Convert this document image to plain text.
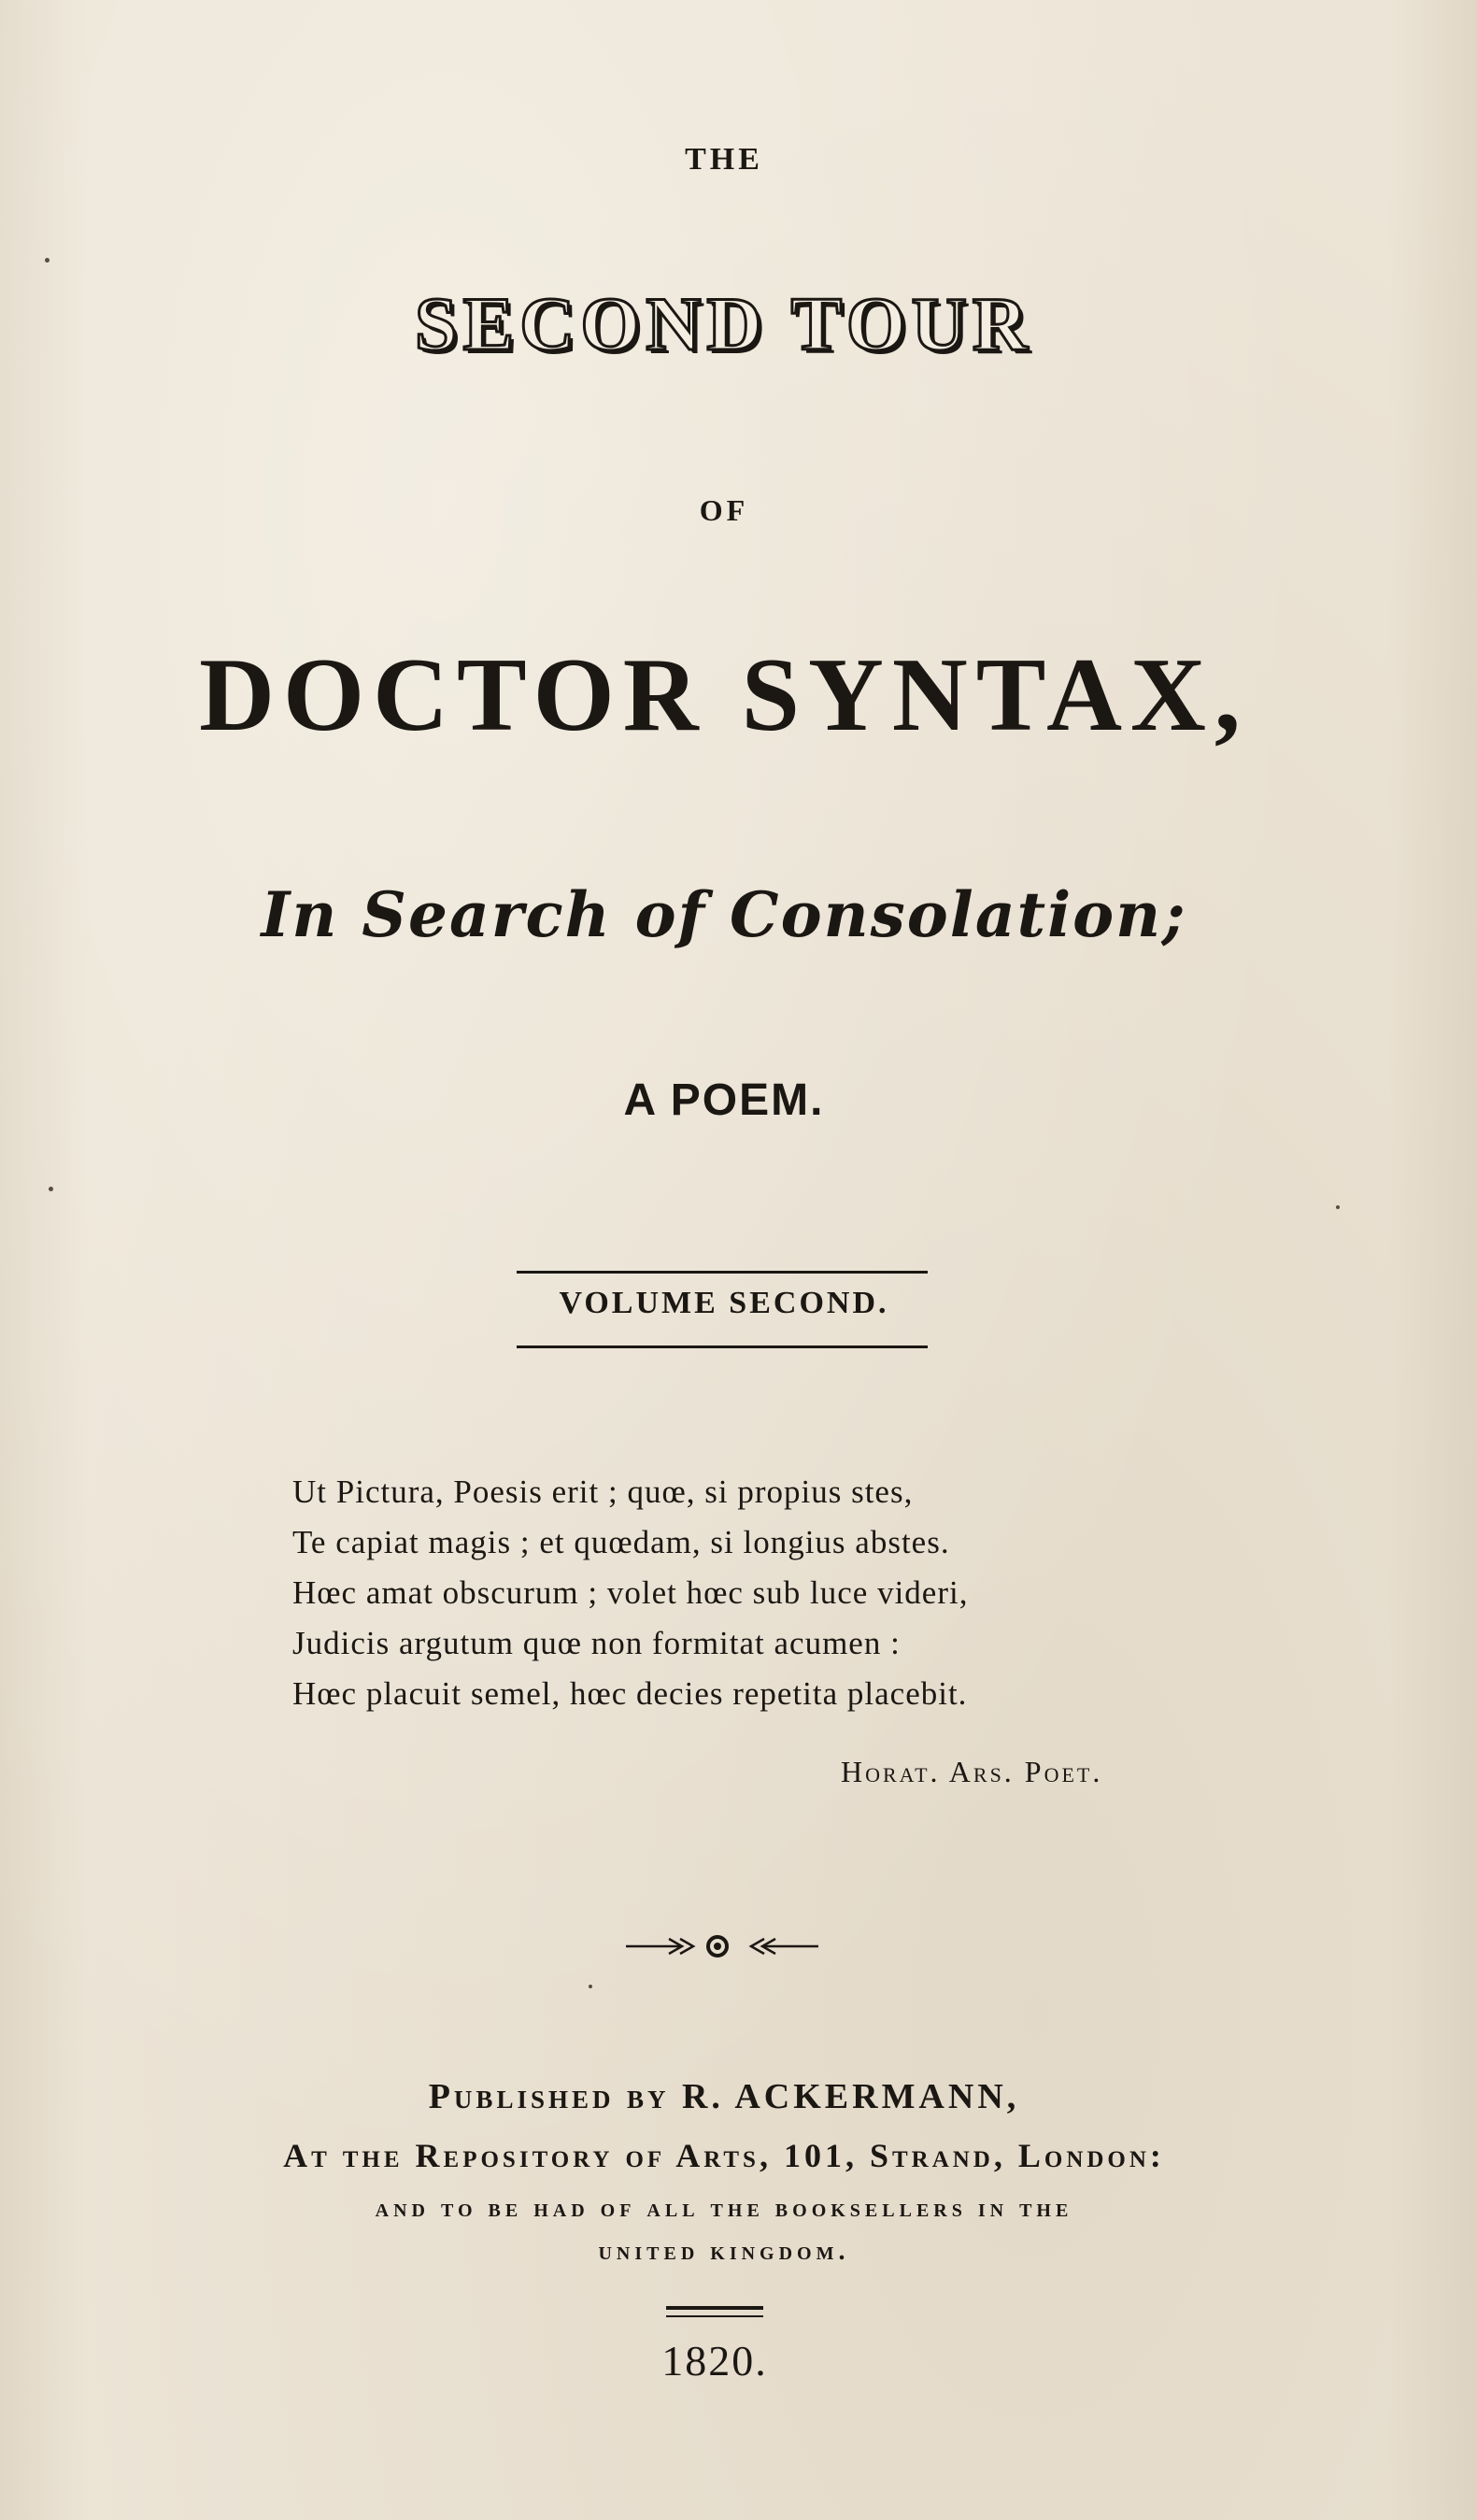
THE
SECOND TOUR
OF
DOCTOR SYNTAX,
In Search of Consolation;
A POEM.
VOLUME SECOND.
Ut Pictura, Poesis erit ; quœ, si propius stes,
Te capiat magis ; et quœdam, si longius abstes.
Hœc amat obscurum ; volet hœc sub luce videri,
Judicis argutum quœ non formitat acumen :
Hœc placuit semel, hœc decies repetita placebit.
Horat. Ars. Poet.
Published by R. ACKERMANN,
At the Repository of Arts, 101, Strand, London:
and to be had of all the booksellers in the
united kingdom.
1820.
